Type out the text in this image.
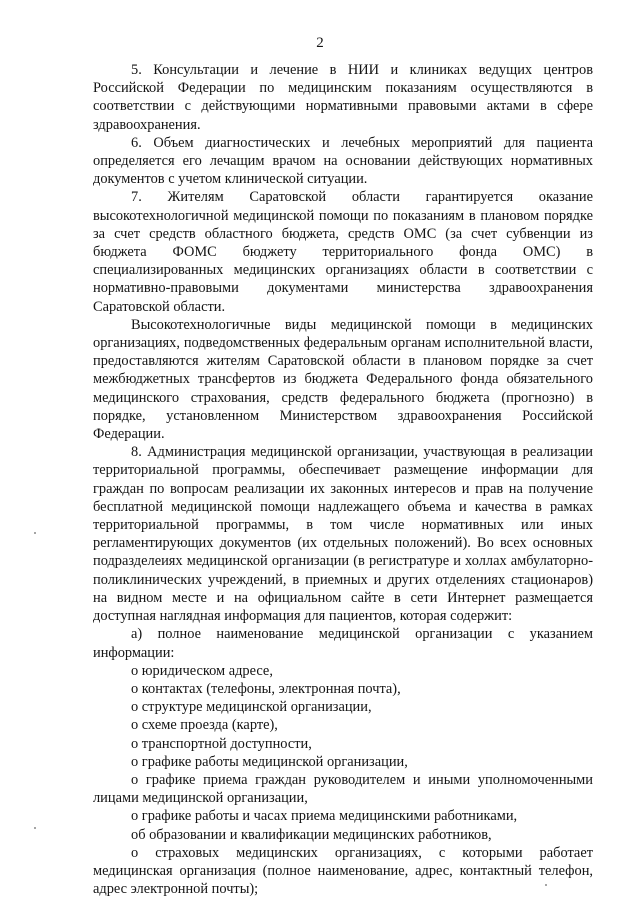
2

5. Консультации и лечение в НИИ и клиниках ведущих центров Российской Федерации по медицинским показаниям осуществляются в соответствии с действующими нормативными правовыми актами в сфере здравоохранения.

6. Объем диагностических и лечебных мероприятий для пациента определяется его лечащим врачом на основании действующих нормативных документов с учетом клинической ситуации.

7. Жителям Саратовской области гарантируется оказание высокотехнологичной медицинской помощи по показаниям в плановом порядке за счет средств областного бюджета, средств ОМС (за счет субвенции из бюджета ФОМС бюджету территориального фонда ОМС) в специализированных медицинских организациях области в соответствии с нормативно-правовыми документами министерства здравоохранения Саратовской области.

Высокотехнологичные виды медицинской помощи в медицинских организациях, подведомственных федеральным органам исполнительной власти, предоставляются жителям Саратовской области в плановом порядке за счет межбюджетных трансфертов из бюджета Федерального фонда обязательного медицинского страхования, средств федерального бюджета (прогнозно) в порядке, установленном Министерством здравоохранения Российской Федерации.

8. Администрация медицинской организации, участвующая в реализации территориальной программы, обеспечивает размещение информации для граждан по вопросам реализации их законных интересов и прав на получение бесплатной медицинской помощи надлежащего объема и качества в рамках территориальной программы, в том числе нормативных или иных регламентирующих документов (их отдельных положений). Во всех основных подразделеиях медицинской организации (в регистратуре и холлах амбулаторно-поликлинических учреждений, в приемных и других отделениях стационаров) на видном месте и на официальном сайте в сети Интернет размещается доступная наглядная информация для пациентов, которая содержит:

а) полное наименование медицинской организации с указанием информации:

о юридическом адресе,

о контактах (телефоны, электронная почта),

о структуре медицинской организации,

о схеме проезда (карте),

о транспортной доступности,

о графике работы медицинской организации,

о графике приема граждан руководителем и иными уполномоченными лицами медицинской организации,

о графике работы и часах приема медицинскими работниками,

об образовании и квалификации медицинских работников,

о страховых медицинских организациях, с которыми работает медицинская организация (полное наименование, адрес, контактный телефон, адрес электронной почты);
